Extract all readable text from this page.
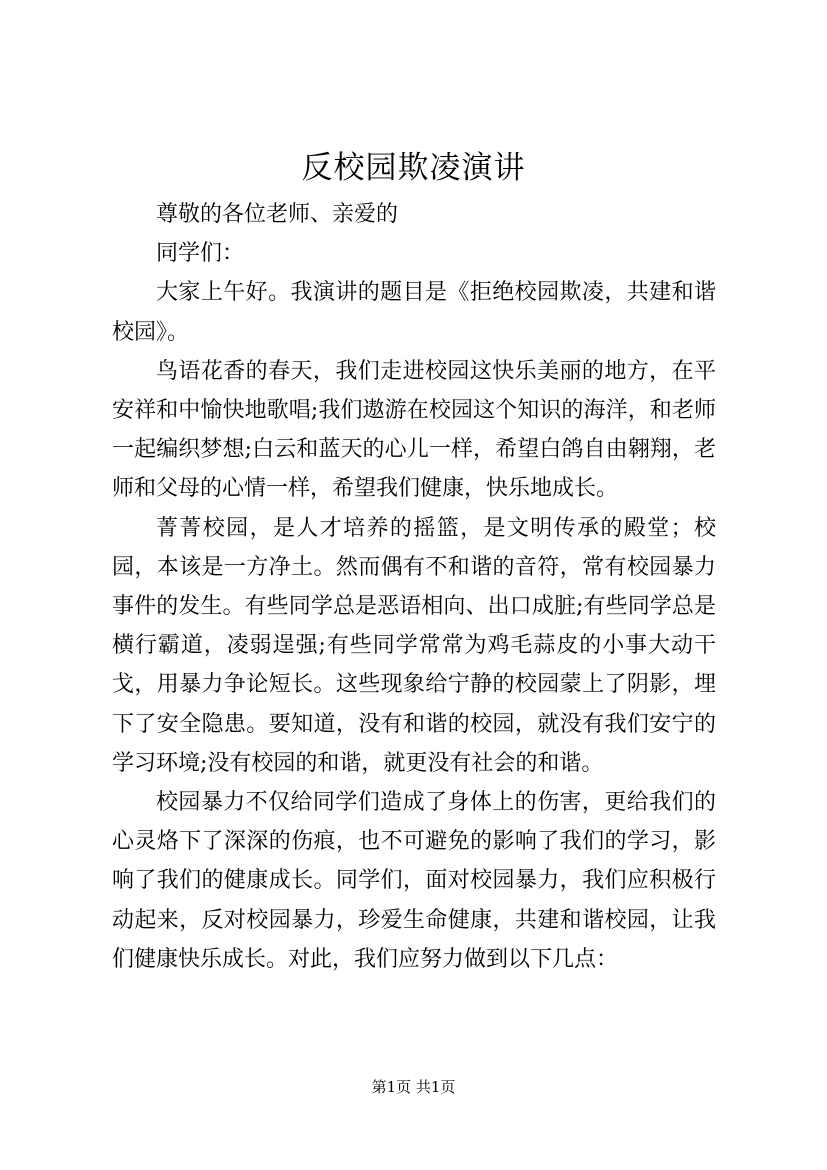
反校园欺凌演讲

尊敬的各位老师、亲爱的

同学们：

大家上午好。我演讲的题目是《拒绝校园欺凌，共建和谐校园》。

鸟语花香的春天，我们走进校园这快乐美丽的地方，在平安祥和中愉快地歌唱;我们遨游在校园这个知识的海洋，和老师一起编织梦想;白云和蓝天的心儿一样，希望白鸽自由翱翔，老师和父母的心情一样，希望我们健康，快乐地成长。

菁菁校园，是人才培养的摇篮，是文明传承的殿堂；校园，本该是一方净土。然而偶有不和谐的音符，常有校园暴力事件的发生。有些同学总是恶语相向、出口成脏;有些同学总是横行霸道，凌弱逞强;有些同学常常为鸡毛蒜皮的小事大动干戈，用暴力争论短长。这些现象给宁静的校园蒙上了阴影，埋下了安全隐患。要知道，没有和谐的校园，就没有我们安宁的学习环境;没有校园的和谐，就更没有社会的和谐。

校园暴力不仅给同学们造成了身体上的伤害，更给我们的心灵烙下了深深的伤痕，也不可避免的影响了我们的学习，影响了我们的健康成长。同学们，面对校园暴力，我们应积极行动起来，反对校园暴力，珍爱生命健康，共建和谐校园，让我们健康快乐成长。对此，我们应努力做到以下几点：

第1页 共1页
